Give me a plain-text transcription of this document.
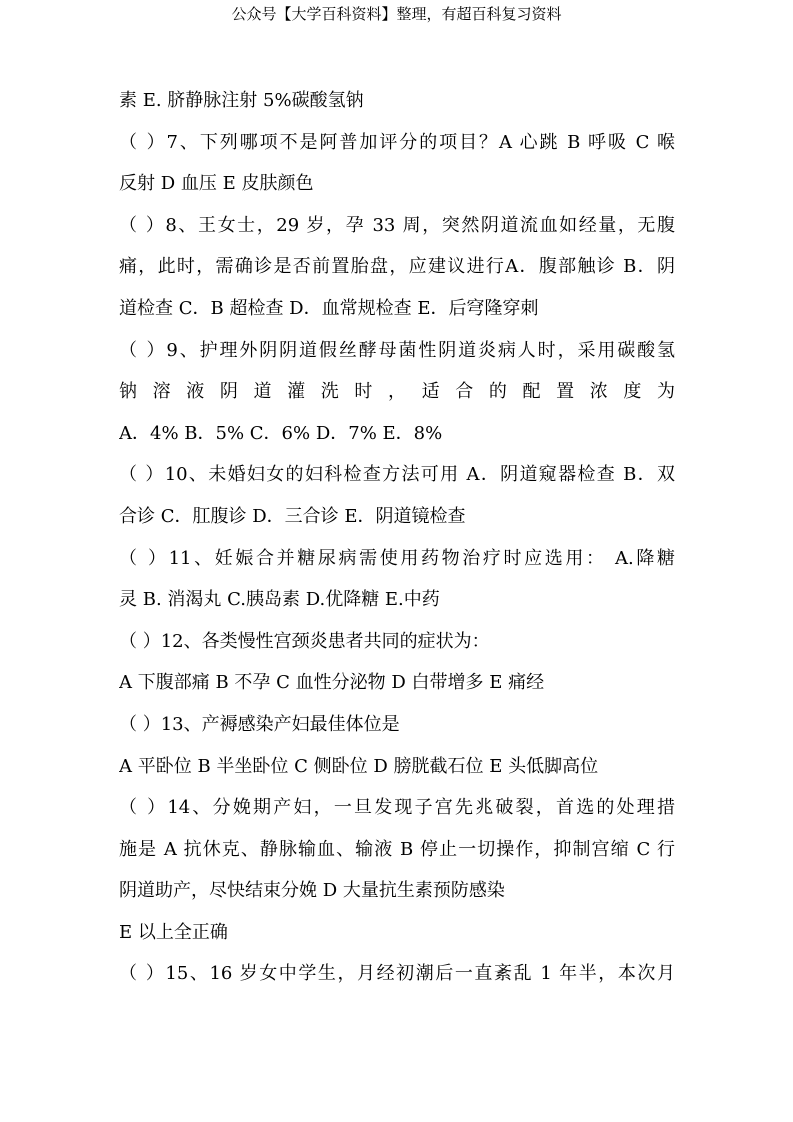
公众号【大学百科资料】整理，有超百科复习资料
素 E. 脐静脉注射 5%碳酸氢钠
（ ）7、下列哪项不是阿普加评分的项目？A 心跳 B 呼吸 C 喉
反射 D 血压 E 皮肤颜色
（ ）8、王女士，29 岁，孕 33 周，突然阴道流血如经量，无腹
痛，此时，需确诊是否前置胎盘，应建议进行A．腹部触诊 B．阴
道检查 C．B 超检查 D．血常规检查 E．后穹隆穿刺
（ ）9、护理外阴阴道假丝酵母菌性阴道炎病人时，采用碳酸氢
钠 溶 液 阴 道 灌 洗 时 ， 适 合 的 配 置 浓 度 为
A．4% B．5% C．6% D．7% E．8%
（ ）10、未婚妇女的妇科检查方法可用 A．阴道窥器检查 B．双
合诊 C．肛腹诊 D．三合诊 E．阴道镜检查
（ ）11、妊娠合并糖尿病需使用药物治疗时应选用： A.降糖
灵 B. 消渴丸 C.胰岛素 D.优降糖 E.中药
（ ）12、各类慢性宫颈炎患者共同的症状为：
A 下腹部痛 B 不孕 C 血性分泌物 D 白带增多 E 痛经
（ ）13、产褥感染产妇最佳体位是
A 平卧位 B 半坐卧位 C 侧卧位 D 膀胱截石位 E 头低脚高位
（ ）14、分娩期产妇，一旦发现子宫先兆破裂，首选的处理措
施是 A 抗休克、静脉输血、输液 B 停止一切操作，抑制宫缩 C 行
阴道助产，尽快结束分娩 D 大量抗生素预防感染
E 以上全正确
（ ）15、16 岁女中学生，月经初潮后一直紊乱 1 年半，本次月
